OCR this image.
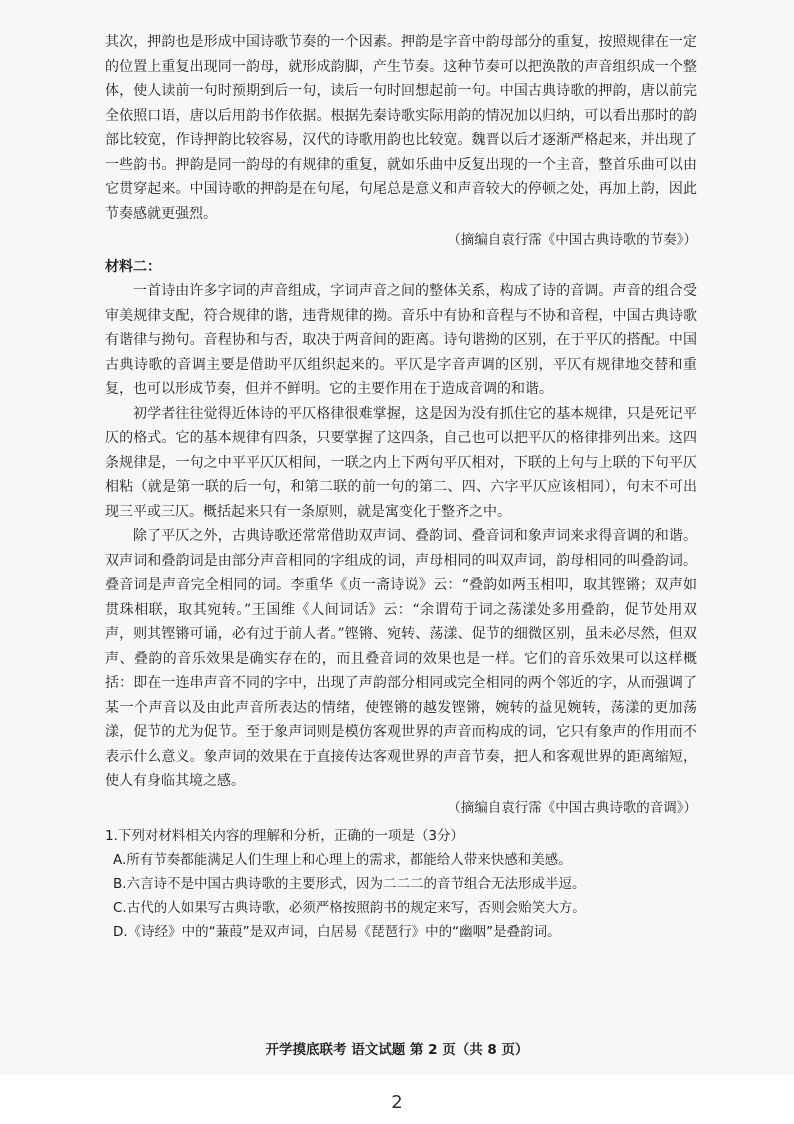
其次，押韵也是形成中国诗歌节奏的一个因素。押韵是字音中韵母部分的重复，按照规律在一定的位置上重复出现同一韵母，就形成韵脚，产生节奏。这种节奏可以把涣散的声音组织成一个整体，使人读前一句时预期到后一句，读后一句时回想起前一句。中国古典诗歌的押韵，唐以前完全依照口语，唐以后用韵书作依据。根据先秦诗歌实际用韵的情况加以归纳，可以看出那时的韵部比较宽，作诗押韵比较容易，汉代的诗歌用韵也比较宽。魏晋以后才逐渐严格起来，并出现了一些韵书。押韵是同一韵母的有规律的重复，就如乐曲中反复出现的一个主音，整首乐曲可以由它贯穿起来。中国诗歌的押韵是在句尾，句尾总是意义和声音较大的停顿之处，再加上韵，因此节奏感就更强烈。

（摘编自袁行霈《中国古典诗歌的节奏》）

材料二：

一首诗由许多字词的声音组成，字词声音之间的整体关系，构成了诗的音调。声音的组合受审美规律支配，符合规律的谐，违背规律的拗。音乐中有协和音程与不协和音程，中国古典诗歌有谐律与拗句。音程协和与否，取决于两音间的距离。诗句谐拗的区别，在于平仄的搭配。中国古典诗歌的音调主要是借助平仄组织起来的。平仄是字音声调的区别，平仄有规律地交替和重复，也可以形成节奏，但并不鲜明。它的主要作用在于造成音调的和谐。

初学者往往觉得近体诗的平仄格律很难掌握，这是因为没有抓住它的基本规律，只是死记平仄的格式。它的基本规律有四条，只要掌握了这四条，自己也可以把平仄的格律排列出来。这四条规律是，一句之中平平仄仄相间，一联之内上下两句平仄相对，下联的上句与上联的下句平仄相粘（就是第一联的后一句，和第二联的前一句的第二、四、六字平仄应该相同），句末不可出现三平或三仄。概括起来只有一条原则，就是寓变化于整齐之中。

除了平仄之外，古典诗歌还常常借助双声词、叠韵词、叠音词和象声词来求得音调的和谐。双声词和叠韵词是由部分声音相同的字组成的词，声母相同的叫双声词，韵母相同的叫叠韵词。叠音词是声音完全相同的词。李重华《贞一斋诗说》云：“叠韵如两玉相叩，取其铿锵；双声如贯珠相联，取其宛转。”王国维《人间词话》云：“余谓苟于词之荡漾处多用叠韵，促节处用双声，则其铿锵可诵，必有过于前人者。”铿锵、宛转、荡漾、促节的细微区别，虽未必尽然，但双声、叠韵的音乐效果是确实存在的，而且叠音词的效果也是一样。它们的音乐效果可以这样概括：即在一连串声音不同的字中，出现了声韵部分相同或完全相同的两个邻近的字，从而强调了某一个声音以及由此声音所表达的情绪，使铿锵的越发铿锵，婉转的益见婉转，荡漾的更加荡漾，促节的尤为促节。至于象声词则是模仿客观世界的声音而构成的词，它只有象声的作用而不表示什么意义。象声词的效果在于直接传达客观世界的声音节奏，把人和客观世界的距离缩短，使人有身临其境之感。

（摘编自袁行霈《中国古典诗歌的音调》）

1.下列对材料相关内容的理解和分析，正确的一项是（3分）

A.所有节奏都能满足人们生理上和心理上的需求，都能给人带来快感和美感。

B.六言诗不是中国古典诗歌的主要形式，因为二二二的音节组合无法形成半逗。

C.古代的人如果写古典诗歌，必须严格按照韵书的规定来写，否则会贻笑大方。

D.《诗经》中的“蒹葭”是双声词，白居易《琵琶行》中的“幽咽”是叠韵词。

开学摸底联考 语文试题 第 2 页（共 8 页）
2
